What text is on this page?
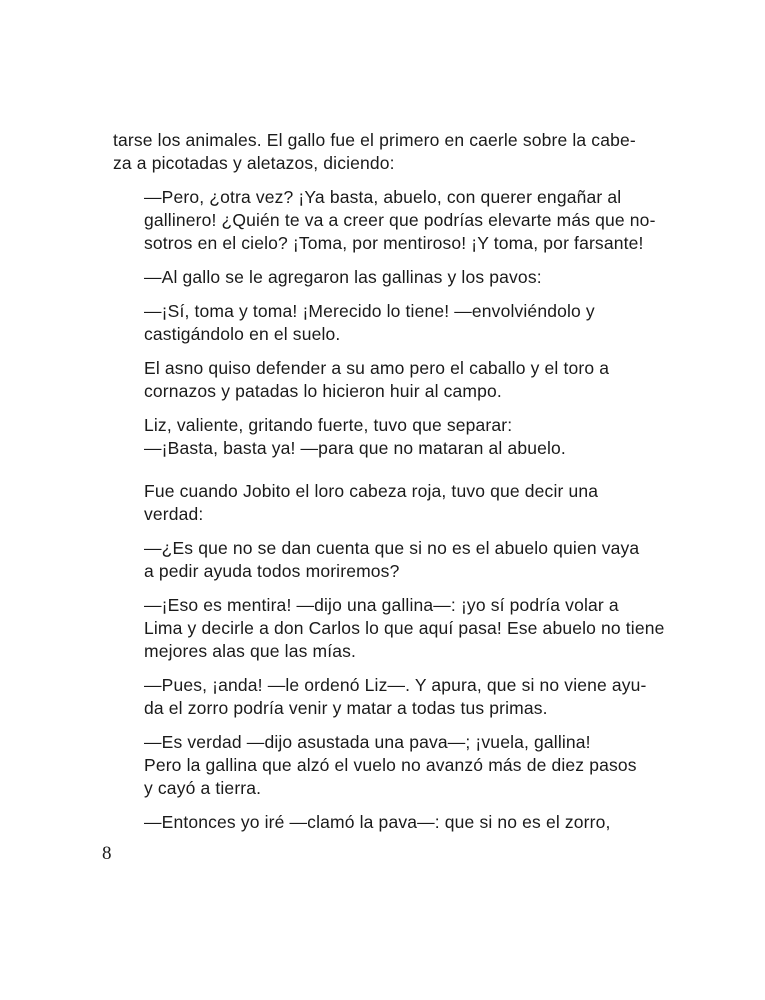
tarse los animales. El gallo fue el primero en caerle sobre la cabe-
za a picotadas y aletazos, diciendo:

—Pero, ¿otra vez? ¡Ya basta, abuelo, con querer engañar al
gallinero! ¿Quién te va a creer que podrías elevarte más que no-
sotros en el cielo? ¡Toma, por mentiroso! ¡Y toma, por farsante!

—Al gallo se le agregaron las gallinas y los pavos:

—¡Sí, toma y toma! ¡Merecido lo tiene! —envolviéndolo y
castigándolo en el suelo.

El asno quiso defender a su amo pero el caballo y el toro a
cornazos y patadas lo hicieron huir al campo.

Liz, valiente, gritando fuerte, tuvo que separar:

—¡Basta, basta ya! —para que no mataran al abuelo.

Fue cuando Jobito el loro cabeza roja, tuvo que decir una
verdad:

—¿Es que no se dan cuenta que si no es el abuelo quien vaya
a pedir ayuda todos moriremos?

—¡Eso es mentira! —dijo una gallina—: ¡yo sí podría volar a
Lima y decirle a don Carlos lo que aquí pasa! Ese abuelo no tiene
mejores alas que las mías.

—Pues, ¡anda! —le ordenó Liz—. Y apura, que si no viene ayu-
da el zorro podría venir y matar a todas tus primas.

—Es verdad —dijo asustada una pava—; ¡vuela, gallina!

Pero la gallina que alzó el vuelo no avanzó más de diez pasos
y cayó a tierra.

—Entonces yo iré —clamó la pava—: que si no es el zorro,

8
